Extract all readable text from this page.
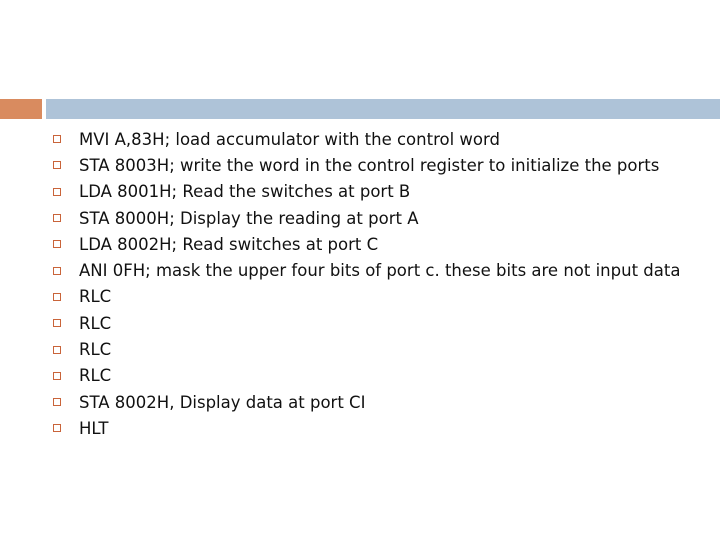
MVI A,83H; load accumulator with the control word
STA 8003H; write the word in the control register to initialize the ports
LDA 8001H; Read the switches at port B
STA 8000H; Display the reading at port A
LDA 8002H; Read switches at port C
ANI 0FH; mask the upper four bits of port c. these bits are not input data
RLC
RLC
RLC
RLC
STA 8002H, Display data at port CI
HLT
